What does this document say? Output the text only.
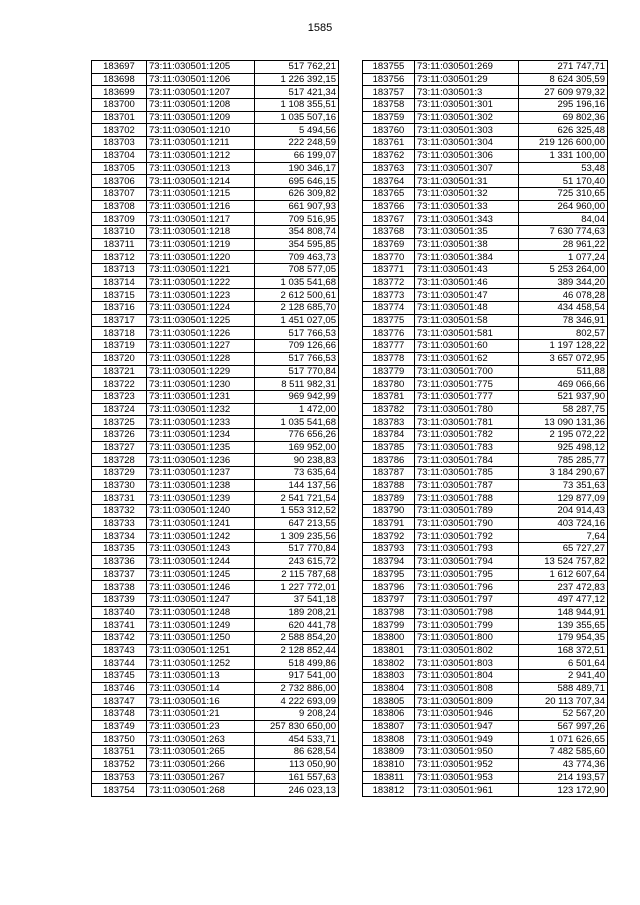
1585
183697	73:11:030501:1205	517 762,21
183698	73:11:030501:1206	1 226 392,15
183699	73:11:030501:1207	517 421,34
183700	73:11:030501:1208	1 108 355,51
183701	73:11:030501:1209	1 035 507,16
183702	73:11:030501:1210	5 494,56
183703	73:11:030501:1211	222 248,59
183704	73:11:030501:1212	66 199,07
183705	73:11:030501:1213	190 346,17
183706	73:11:030501:1214	695 646,15
183707	73:11:030501:1215	626 309,82
183708	73:11:030501:1216	661 907,93
183709	73:11:030501:1217	709 516,95
183710	73:11:030501:1218	354 808,74
183711	73:11:030501:1219	354 595,85
183712	73:11:030501:1220	709 463,73
183713	73:11:030501:1221	708 577,05
183714	73:11:030501:1222	1 035 541,68
183715	73:11:030501:1223	2 612 500,61
183716	73:11:030501:1224	2 128 685,70
183717	73:11:030501:1225	1 451 027,05
183718	73:11:030501:1226	517 766,53
183719	73:11:030501:1227	709 126,66
183720	73:11:030501:1228	517 766,53
183721	73:11:030501:1229	517 770,84
183722	73:11:030501:1230	8 511 982,31
183723	73:11:030501:1231	969 942,99
183724	73:11:030501:1232	1 472,00
183725	73:11:030501:1233	1 035 541,68
183726	73:11:030501:1234	776 656,26
183727	73:11:030501:1235	169 952,00
183728	73:11:030501:1236	90 238,83
183729	73:11:030501:1237	73 635,64
183730	73:11:030501:1238	144 137,56
183731	73:11:030501:1239	2 541 721,54
183732	73:11:030501:1240	1 553 312,52
183733	73:11:030501:1241	647 213,55
183734	73:11:030501:1242	1 309 235,56
183735	73:11:030501:1243	517 770,84
183736	73:11:030501:1244	243 615,72
183737	73:11:030501:1245	2 115 787,68
183738	73:11:030501:1246	1 227 772,01
183739	73:11:030501:1247	37 541,18
183740	73:11:030501:1248	189 208,21
183741	73:11:030501:1249	620 441,78
183742	73:11:030501:1250	2 588 854,20
183743	73:11:030501:1251	2 128 852,44
183744	73:11:030501:1252	518 499,86
183745	73:11:030501:13	917 541,00
183746	73:11:030501:14	2 732 886,00
183747	73:11:030501:16	4 222 693,09
183748	73:11:030501:21	9 208,24
183749	73:11:030501:23	257 830 650,00
183750	73:11:030501:263	454 533,71
183751	73:11:030501:265	86 628,54
183752	73:11:030501:266	113 050,90
183753	73:11:030501:267	161 557,63
183754	73:11:030501:268	246 023,13
183755	73:11:030501:269	271 747,71
183756	73:11:030501:29	8 624 305,59
183757	73:11:030501:3	27 609 979,32
183758	73:11:030501:301	295 196,16
183759	73:11:030501:302	69 802,36
183760	73:11:030501:303	626 325,48
183761	73:11:030501:304	219 126 600,00
183762	73:11:030501:306	1 331 100,00
183763	73:11:030501:307	53,48
183764	73:11:030501:31	51 170,40
183765	73:11:030501:32	725 310,65
183766	73:11:030501:33	264 960,00
183767	73:11:030501:343	84,04
183768	73:11:030501:35	7 630 774,63
183769	73:11:030501:38	28 961,22
183770	73:11:030501:384	1 077,24
183771	73:11:030501:43	5 253 264,00
183772	73:11:030501:46	389 344,20
183773	73:11:030501:47	46 078,28
183774	73:11:030501:48	434 458,54
183775	73:11:030501:58	78 346,91
183776	73:11:030501:581	802,57
183777	73:11:030501:60	1 197 128,22
183778	73:11:030501:62	3 657 072,95
183779	73:11:030501:700	511,88
183780	73:11:030501:775	469 066,66
183781	73:11:030501:777	521 937,90
183782	73:11:030501:780	58 287,75
183783	73:11:030501:781	13 090 131,36
183784	73:11:030501:782	2 195 072,22
183785	73:11:030501:783	925 498,12
183786	73:11:030501:784	785 285,77
183787	73:11:030501:785	3 184 290,67
183788	73:11:030501:787	73 351,63
183789	73:11:030501:788	129 877,09
183790	73:11:030501:789	204 914,43
183791	73:11:030501:790	403 724,16
183792	73:11:030501:792	7,64
183793	73:11:030501:793	65 727,27
183794	73:11:030501:794	13 524 757,82
183795	73:11:030501:795	1 612 607,64
183796	73:11:030501:796	237 472,83
183797	73:11:030501:797	497 477,12
183798	73:11:030501:798	148 944,91
183799	73:11:030501:799	139 355,65
183800	73:11:030501:800	179 954,35
183801	73:11:030501:802	168 372,51
183802	73:11:030501:803	6 501,64
183803	73:11:030501:804	2 941,40
183804	73:11:030501:808	588 489,71
183805	73:11:030501:809	20 113 707,34
183806	73:11:030501:946	52 567,20
183807	73:11:030501:947	567 997,26
183808	73:11:030501:949	1 071 626,65
183809	73:11:030501:950	7 482 585,60
183810	73:11:030501:952	43 774,36
183811	73:11:030501:953	214 193,57
183812	73:11:030501:961	123 172,90
